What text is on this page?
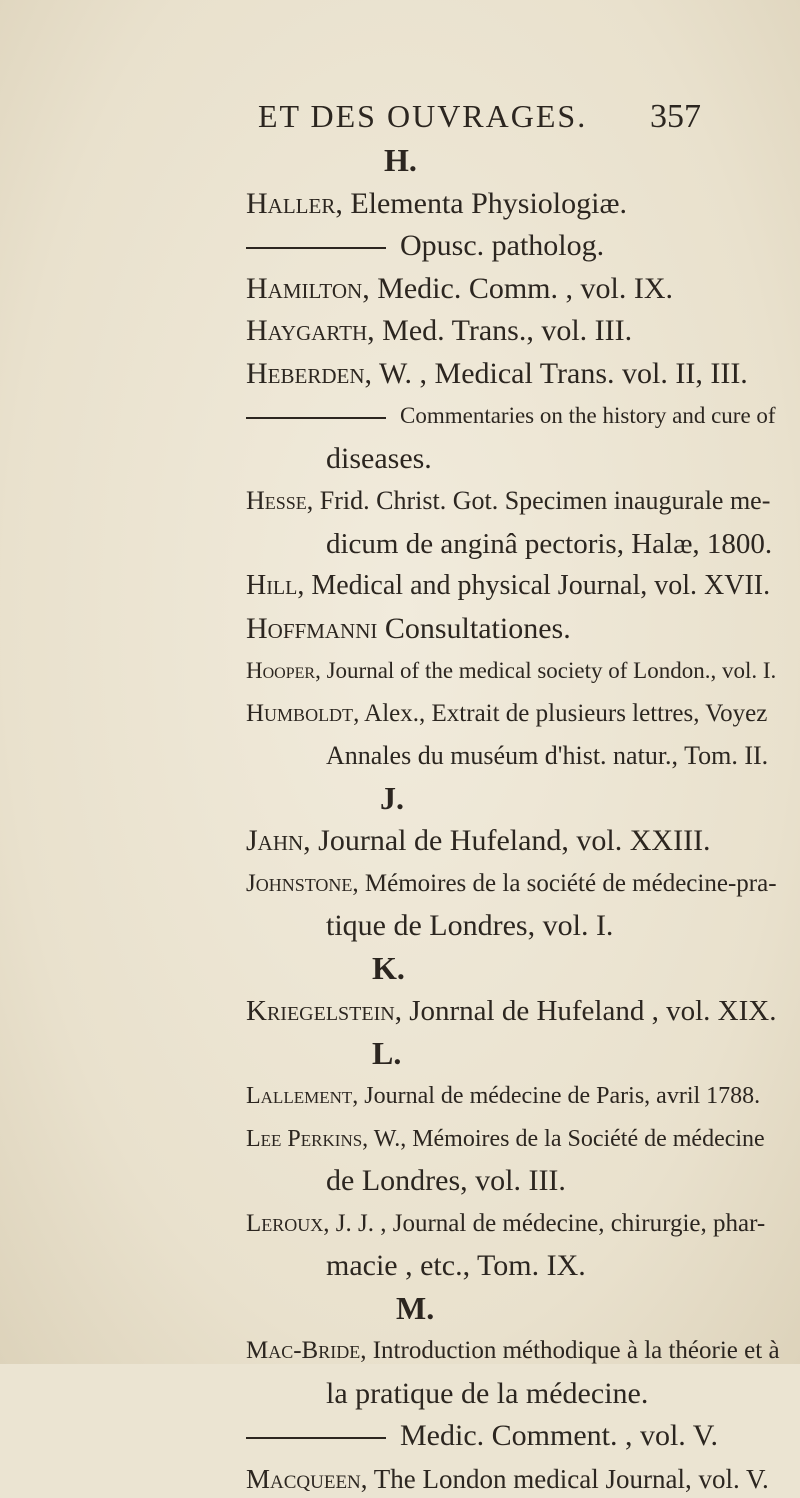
ET DES OUVRAGES. 357
H.
Haller, Elementa Physiologiæ.
Opusc. patholog.
Hamilton, Medic. Comm. , vol. IX.
Haygarth, Med. Trans., vol. III.
Heberden, W. , Medical Trans. vol. II, III.
Commentaries on the history and cure of
diseases.
Hesse, Frid. Christ. Got. Specimen inaugurale me-
dicum de anginâ pectoris, Halæ, 1800.
Hill, Medical and physical Journal, vol. XVII.
Hoffmanni Consultationes.
Hooper, Journal of the medical society of London., vol. I.
Humboldt, Alex., Extrait de plusieurs lettres, Voyez
Annales du muséum d'hist. natur., Tom. II.
J.
Jahn, Journal de Hufeland, vol. XXIII.
Johnstone, Mémoires de la société de médecine-pra-
tique de Londres, vol. I.
K.
Kriegelstein, Jonrnal de Hufeland , vol. XIX.
L.
Lallement, Journal de médecine de Paris, avril 1788.
Lee Perkins, W., Mémoires de la Société de médecine
de Londres, vol. III.
Leroux, J. J. , Journal de médecine, chirurgie, phar-
macie , etc., Tom. IX.
M.
Mac-Bride, Introduction méthodique à la théorie et à
la pratique de la médecine.
Medic. Comment. , vol. V.
Macqueen, The London medical Journal, vol. V.
